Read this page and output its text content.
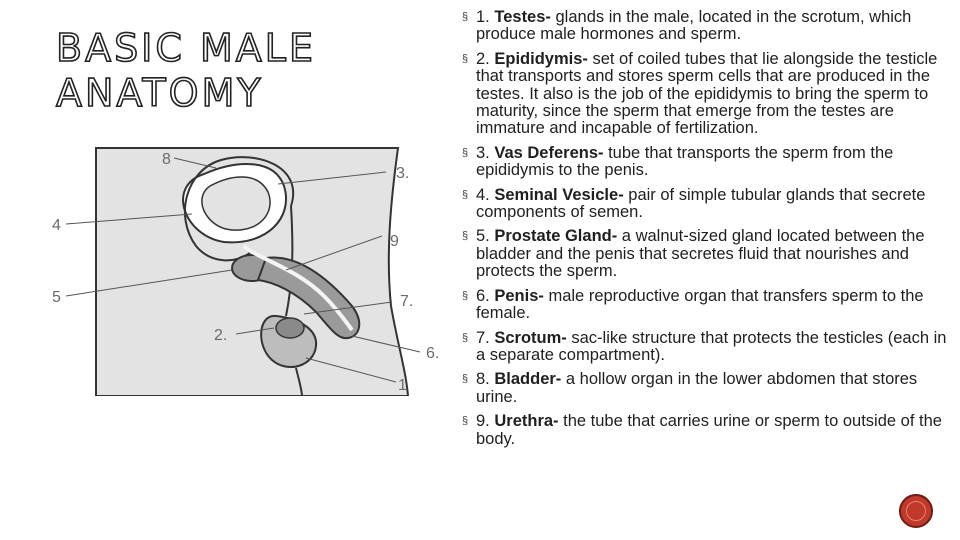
BASIC MALE
ANATOMY
8
3.
4
9
5	7.
2.
6.
1
§ 1. Testes- glands in the male, located in the scrotum, which produce male hormones and sperm.
§ 2. Epididymis- set of coiled tubes that lie alongside the testicle that transports and stores sperm cells that are produced in the testes. It also is the job of the epididymis to bring the sperm to maturity, since the sperm that emerge from the testes are immature and incapable of fertilization.
§ 3. Vas Deferens- tube that transports the sperm from the epididymis to the penis.
§ 4. Seminal Vesicle- pair of simple tubular glands that secrete components of semen.
§ 5. Prostate Gland- a walnut-sized gland located between the bladder and the penis that secretes fluid that nourishes and protects the sperm.
§ 6. Penis- male reproductive organ that transfers sperm to the female.
§ 7. Scrotum- sac-like structure that protects the testicles (each in a separate compartment).
§ 8. Bladder- a hollow organ in the lower abdomen that stores urine.
§ 9. Urethra- the tube that carries urine or sperm to outside of the body.
